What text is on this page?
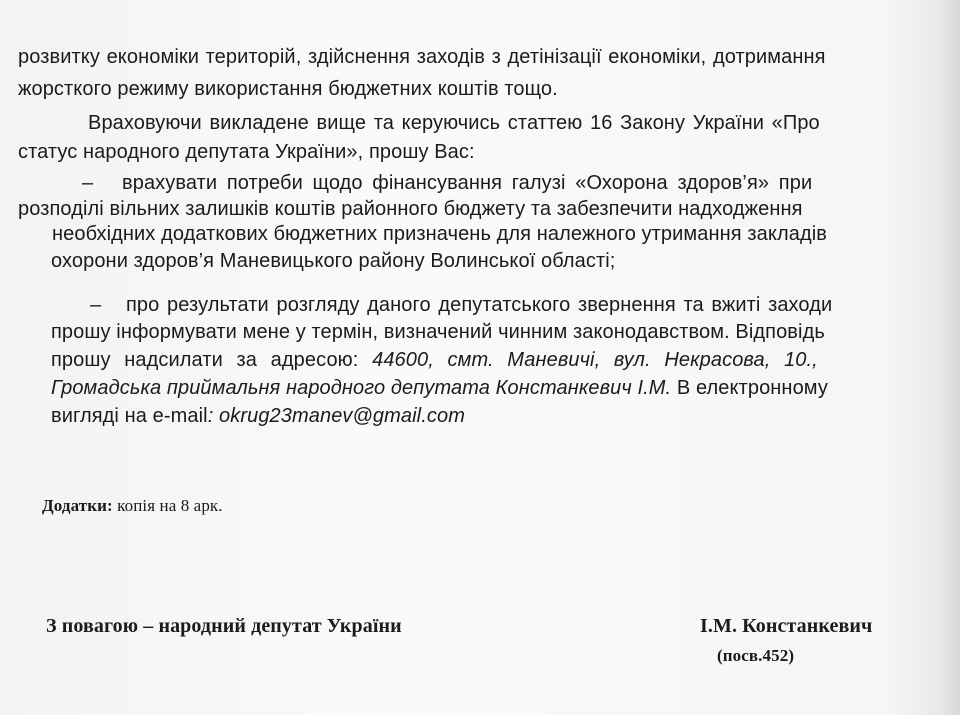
розвитку економіки територій, здійснення заходів з детінізації економіки, дотримання
жорсткого режиму використання бюджетних коштів тощо.
Враховуючи викладене вище та керуючись статтею 16 Закону України «Про
статус народного депутата України», прошу Вас:
– врахувати потреби щодо фінансування галузі «Охорона здоров’я» при
розподілі вільних залишків коштів районного бюджету та забезпечити надходження
необхідних додаткових бюджетних призначень для належного утримання закладів
охорони здоров’я Маневицького району Волинської області;
– про результати розгляду даного депутатського звернення та вжиті заходи
прошу інформувати мене у термін, визначений чинним законодавством. Відповідь
прошу надсилати за адресою: 44600, смт. Маневичі, вул. Некрасова, 10.,
Громадська приймальня народного депутата Констанкевич І.М. В електронному
вигляді на e-mail: okrug23manev@gmail.com
Додатки: копія на 8 арк.
З повагою – народний депутат України	І.М. Констанкевич
(посв.452)
